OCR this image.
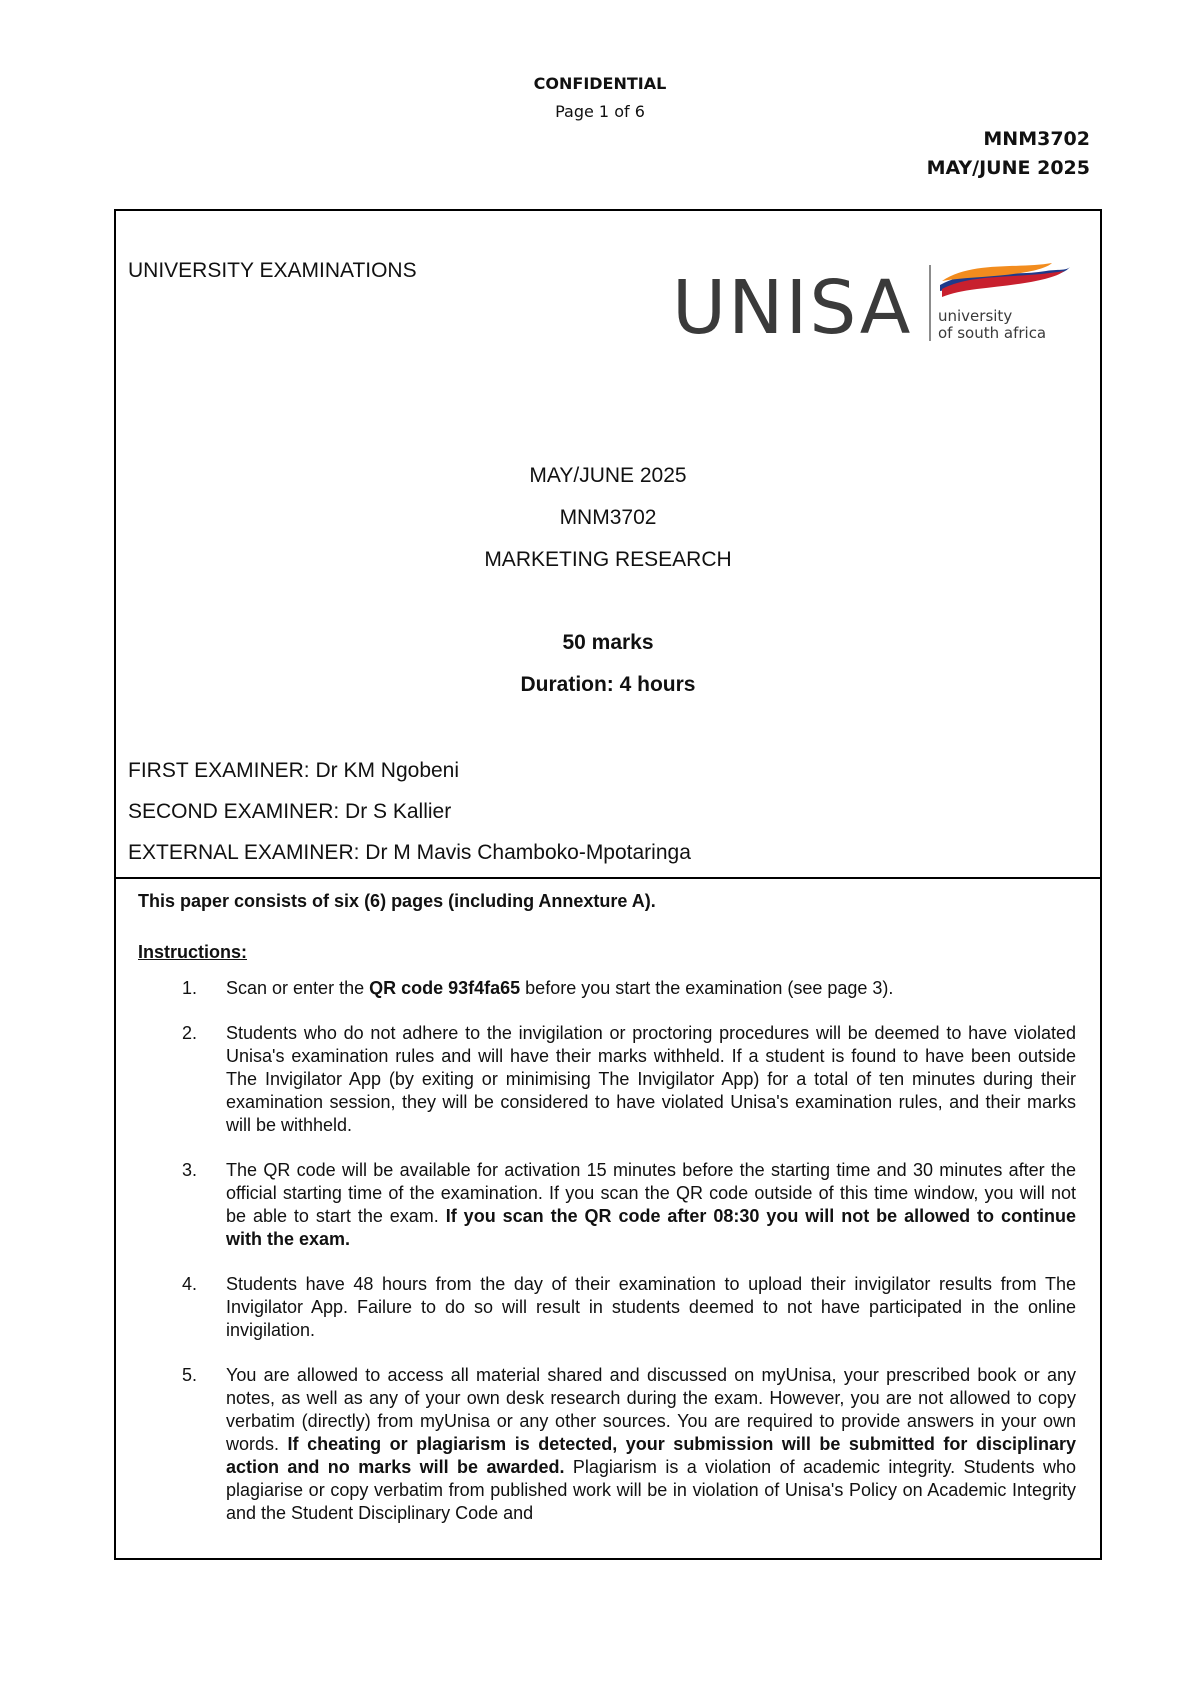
CONFIDENTIAL
Page 1 of 6
MNM3702
MAY/JUNE 2025
UNIVERSITY EXAMINATIONS	UNISA university
of south africa
MAY/JUNE 2025
MNM3702
MARKETING RESEARCH
50 marks
Duration: 4 hours
FIRST EXAMINER: Dr KM Ngobeni
SECOND EXAMINER: Dr S Kallier
EXTERNAL EXAMINER: Dr M Mavis Chamboko-Mpotaringa

This paper consists of six (6) pages (including Annexture A).

Instructions:

1. Scan or enter the QR code 93f4fa65 before you start the examination (see page 3).
2. Students who do not adhere to the invigilation or proctoring procedures will be deemed to have violated Unisa's examination rules and will have their marks withheld. If a student is found to have been outside The Invigilator App (by exiting or minimising The Invigilator App) for a total of ten minutes during their examination session, they will be considered to have violated Unisa's examination rules, and their marks will be withheld.
3. The QR code will be available for activation 15 minutes before the starting time and 30 minutes after the official starting time of the examination. If you scan the QR code outside of this time window, you will not be able to start the exam. If you scan the QR code after 08:30 you will not be allowed to continue with the exam.
4. Students have 48 hours from the day of their examination to upload their invigilator results from The Invigilator App. Failure to do so will result in students deemed to not have participated in the online invigilation.
5. You are allowed to access all material shared and discussed on myUnisa, your prescribed book or any notes, as well as any of your own desk research during the exam. However, you are not allowed to copy verbatim (directly) from myUnisa or any other sources. You are required to provide answers in your own words. If cheating or plagiarism is detected, your submission will be submitted for disciplinary action and no marks will be awarded. Plagiarism is a violation of academic integrity. Students who plagiarise or copy verbatim from published work will be in violation of Unisa's Policy on Academic Integrity and the Student Disciplinary Code and
